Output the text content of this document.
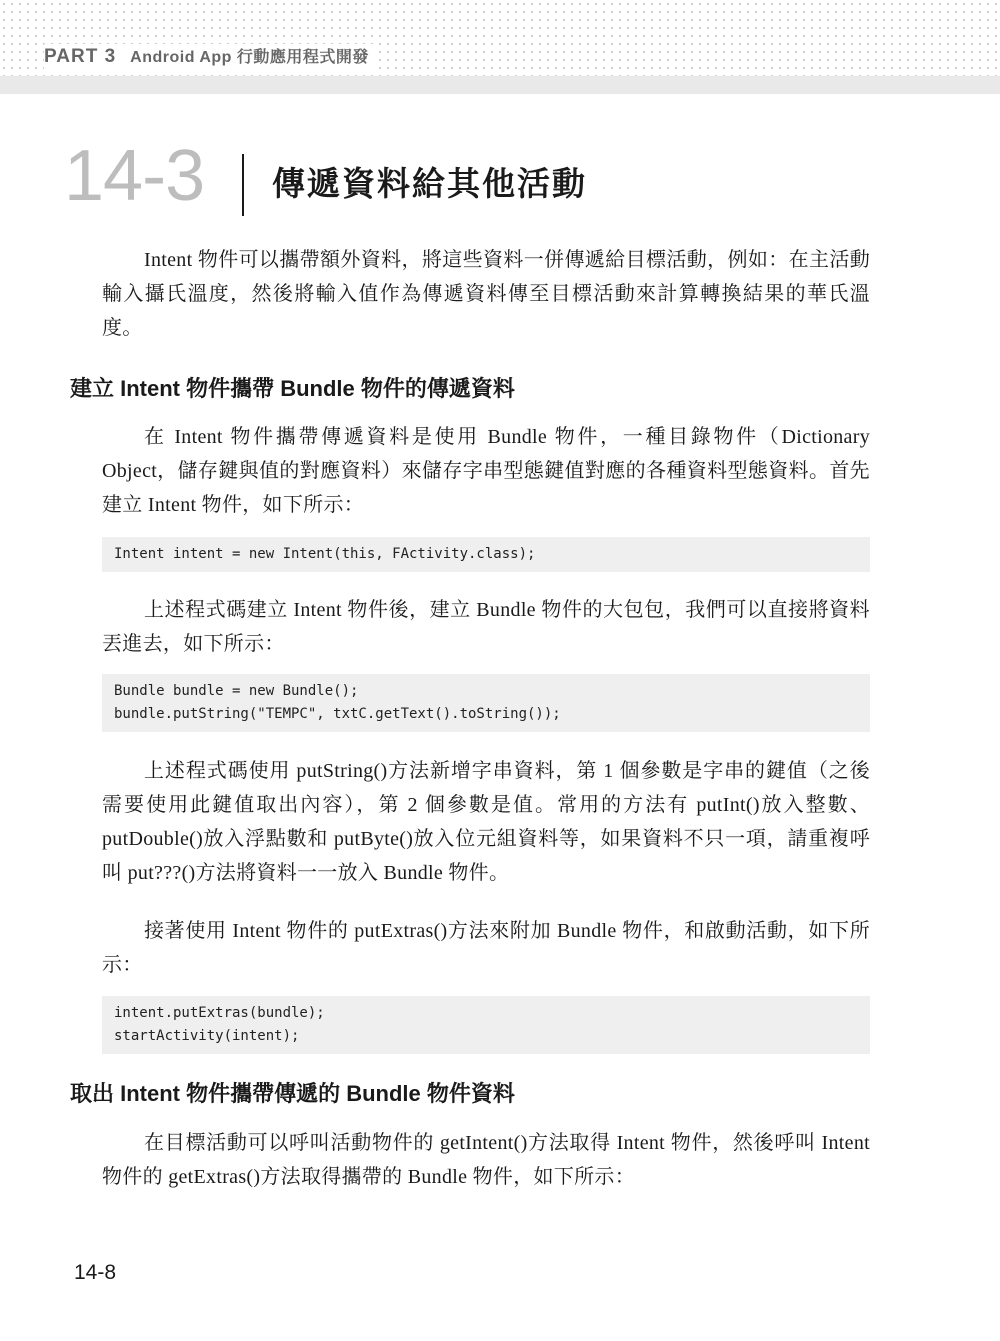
PART 3 Android App 行動應用程式開發
14-3 傳遞資料給其他活動

Intent 物件可以攜帶額外資料，將這些資料一併傳遞給目標活動，例如：在主活動輸入攝氏溫度，然後將輸入值作為傳遞資料傳至目標活動來計算轉換結果的華氏溫度。

建立 Intent 物件攜帶 Bundle 物件的傳遞資料

在 Intent 物件攜帶傳遞資料是使用 Bundle 物件，一種目錄物件（Dictionary Object，儲存鍵與值的對應資料）來儲存字串型態鍵值對應的各種資料型態資料。首先建立 Intent 物件，如下所示：

Intent intent = new Intent(this, FActivity.class);

上述程式碼建立 Intent 物件後，建立 Bundle 物件的大包包，我們可以直接將資料丟進去，如下所示：

Bundle bundle = new Bundle();
bundle.putString("TEMPC", txtC.getText().toString());

上述程式碼使用 putString()方法新增字串資料，第 1 個參數是字串的鍵值（之後需要使用此鍵值取出內容），第 2 個參數是值。常用的方法有 putInt()放入整數、putDouble()放入浮點數和 putByte()放入位元組資料等，如果資料不只一項，請重複呼叫 put???()方法將資料一一放入 Bundle 物件。

接著使用 Intent 物件的 putExtras()方法來附加 Bundle 物件，和啟動活動，如下所示：

intent.putExtras(bundle);
startActivity(intent);
取出 Intent 物件攜帶傳遞的 Bundle 物件資料

在目標活動可以呼叫活動物件的 getIntent()方法取得 Intent 物件，然後呼叫 Intent 物件的 getExtras()方法取得攜帶的 Bundle 物件，如下所示：

14-8
